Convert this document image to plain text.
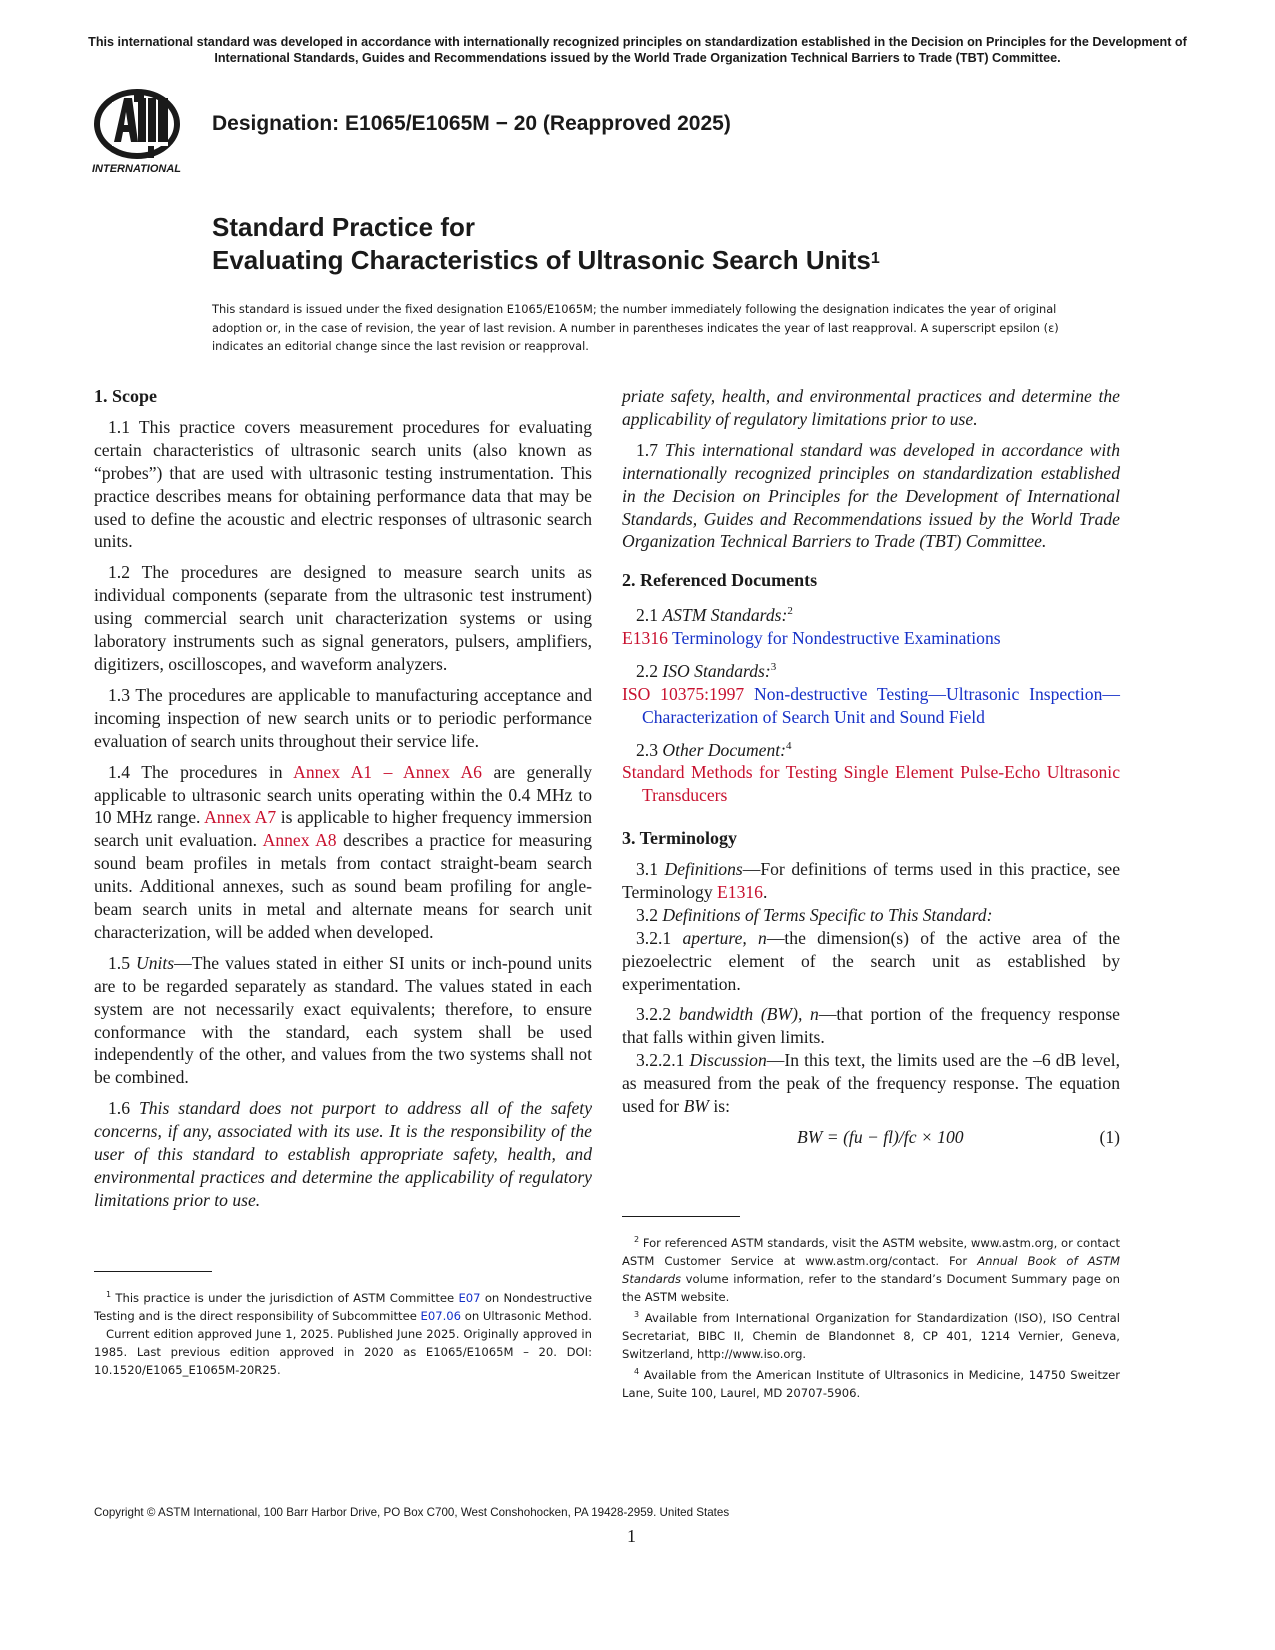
This international standard was developed in accordance with internationally recognized principles on standardization established in the Decision on Principles for the Development of International Standards, Guides and Recommendations issued by the World Trade Organization Technical Barriers to Trade (TBT) Committee.
INTERNATIONAL
Designation: E1065/E1065M − 20 (Reapproved 2025)
Standard Practice for
Evaluating Characteristics of Ultrasonic Search Units$^1$
This standard is issued under the fixed designation E1065/E1065M; the number immediately following the designation indicates the year of original adoption or, in the case of revision, the year of last revision. A number in parentheses indicates the year of last reapproval. A superscript epsilon (ε) indicates an editorial change since the last revision or reapproval.
1. Scope

1.1 This practice covers measurement procedures for evaluating certain characteristics of ultrasonic search units (also known as “probes”) that are used with ultrasonic testing instrumentation. This practice describes means for obtaining performance data that may be used to define the acoustic and electric responses of ultrasonic search units.

1.2 The procedures are designed to measure search units as individual components (separate from the ultrasonic test instrument) using commercial search unit characterization systems or using laboratory instruments such as signal generators, pulsers, amplifiers, digitizers, oscilloscopes, and waveform analyzers.

1.3 The procedures are applicable to manufacturing acceptance and incoming inspection of new search units or to periodic performance evaluation of search units throughout their service life.

1.4 The procedures in Annex A1 – Annex A6 are generally applicable to ultrasonic search units operating within the 0.4 MHz to 10 MHz range. Annex A7 is applicable to higher frequency immersion search unit evaluation. Annex A8 describes a practice for measuring sound beam profiles in metals from contact straight-beam search units. Additional annexes, such as sound beam profiling for angle-beam search units in metal and alternate means for search unit characterization, will be added when developed.

1.5 Units—The values stated in either SI units or inch-pound units are to be regarded separately as standard. The values stated in each system are not necessarily exact equivalents; therefore, to ensure conformance with the standard, each system shall be used independently of the other, and values from the two systems shall not be combined.

1.6 This standard does not purport to address all of the safety concerns, if any, associated with its use. It is the responsibility of the user of this standard to establish appropriate safety, health, and environmental practices and determine the applicability of regulatory limitations prior to use.

$^1$ This practice is under the jurisdiction of ASTM Committee E07 on Nondestructive Testing and is the direct responsibility of Subcommittee E07.06 on Ultrasonic Method.

Current edition approved June 1, 2025. Published June 2025. Originally approved in 1985. Last previous edition approved in 2020 as E1065/E1065M – 20. DOI: 10.1520/E1065_E1065M-20R25.

priate safety, health, and environmental practices and determine the applicability of regulatory limitations prior to use.

1.7 This international standard was developed in accordance with internationally recognized principles on standardization established in the Decision on Principles for the Development of International Standards, Guides and Recommendations issued by the World Trade Organization Technical Barriers to Trade (TBT) Committee.

2. Referenced Documents

2.1 ASTM Standards:$^2$

E1316 Terminology for Nondestructive Examinations

2.2 ISO Standards:$^3$

ISO 10375:1997 Non-destructive Testing—Ultrasonic Inspection—Characterization of Search Unit and Sound Field

2.3 Other Document:$^4$

Standard Methods for Testing Single Element Pulse-Echo Ultrasonic Transducers

3. Terminology

3.1 Definitions—For definitions of terms used in this practice, see Terminology E1316.

3.2 Definitions of Terms Specific to This Standard:

3.2.1 aperture, n—the dimension(s) of the active area of the piezoelectric element of the search unit as established by experimentation.

3.2.2 bandwidth (BW), n—that portion of the frequency response that falls within given limits.

3.2.2.1 Discussion—In this text, the limits used are the –6 dB level, as measured from the peak of the frequency response. The equation used for BW is:

BW = (fu − fl)/fc × 100	(1)

$^2$ For referenced ASTM standards, visit the ASTM website, www.astm.org, or contact ASTM Customer Service at www.astm.org/contact. For Annual Book of ASTM Standards volume information, refer to the standard’s Document Summary page on the ASTM website.

$^3$ Available from International Organization for Standardization (ISO), ISO Central Secretariat, BIBC II, Chemin de Blandonnet 8, CP 401, 1214 Vernier, Geneva, Switzerland, http://www.iso.org.

$^4$ Available from the American Institute of Ultrasonics in Medicine, 14750 Sweitzer Lane, Suite 100, Laurel, MD 20707-5906.

Copyright © ASTM International, 100 Barr Harbor Drive, PO Box C700, West Conshohocken, PA 19428-2959. United States
1
